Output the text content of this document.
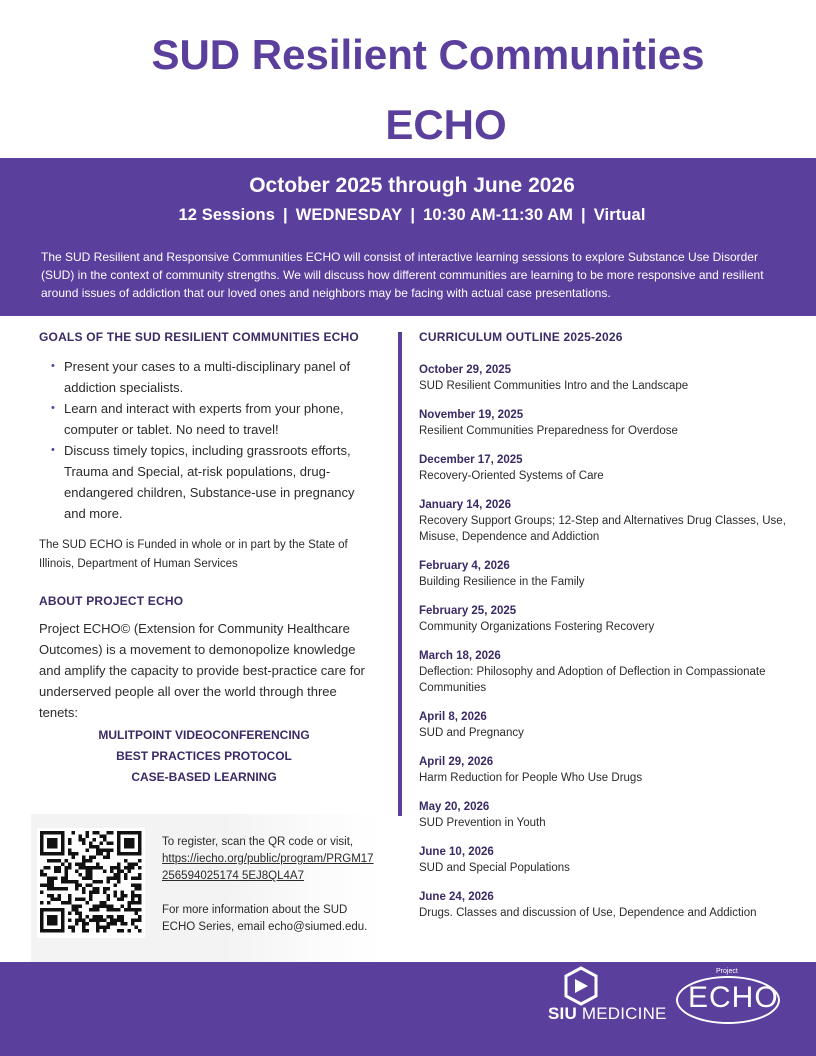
SUD Resilient Communities
ECHO
October 2025 through June 2026
12 Sessions | WEDNESDAY | 10:30 AM-11:30 AM | Virtual
The SUD Resilient and Responsive Communities ECHO will consist of interactive learning sessions to explore Substance Use Disorder (SUD) in the context of community strengths. We will discuss how different communities are learning to be more responsive and resilient around issues of addiction that our loved ones and neighbors may be facing with actual case presentations.
GOALS OF THE SUD RESILIENT COMMUNITIES ECHO
• Present your cases to a multi-disciplinary panel of addiction specialists.
• Learn and interact with experts from your phone, computer or tablet. No need to travel!
• Discuss timely topics, including grassroots efforts, Trauma and Special, at-risk populations, drug-endangered children, Substance-use in pregnancy and more.
The SUD ECHO is Funded in whole or in part by the State of Illinois, Department of Human Services
ABOUT PROJECT ECHO
Project ECHO© (Extension for Community Healthcare Outcomes) is a movement to demonopolize knowledge and amplify the capacity to provide best-practice care for underserved people all over the world through three tenets:
MULITPOINT VIDEOCONFERENCING
BEST PRACTICES PROTOCOL
CASE-BASED LEARNING
CURRICULUM OUTLINE 2025-2026
October 29, 2025
SUD Resilient Communities Intro and the Landscape
November 19, 2025
Resilient Communities Preparedness for Overdose
December 17, 2025
Recovery-Oriented Systems of Care
January 14, 2026
Recovery Support Groups; 12-Step and Alternatives Drug Classes, Use, Misuse, Dependence and Addiction
February 4, 2026
Building Resilience in the Family
February 25, 2025
Community Organizations Fostering Recovery
March 18, 2026
Deflection: Philosophy and Adoption of Deflection in Compassionate Communities
April 8, 2026
SUD and Pregnancy
April 29, 2026
Harm Reduction for People Who Use Drugs
May 20, 2026
SUD Prevention in Youth
June 10, 2026
SUD and Special Populations
June 24, 2026
Drugs. Classes and discussion of Use, Dependence and Addiction
To register, scan the QR code or visit,
https://iecho.org/public/program/PRGM17256594025174 5EJ8QL4A7
For more information about the SUD ECHO Series, email echo@siumed.edu.
SIU MEDICINE
Project
ECHO
